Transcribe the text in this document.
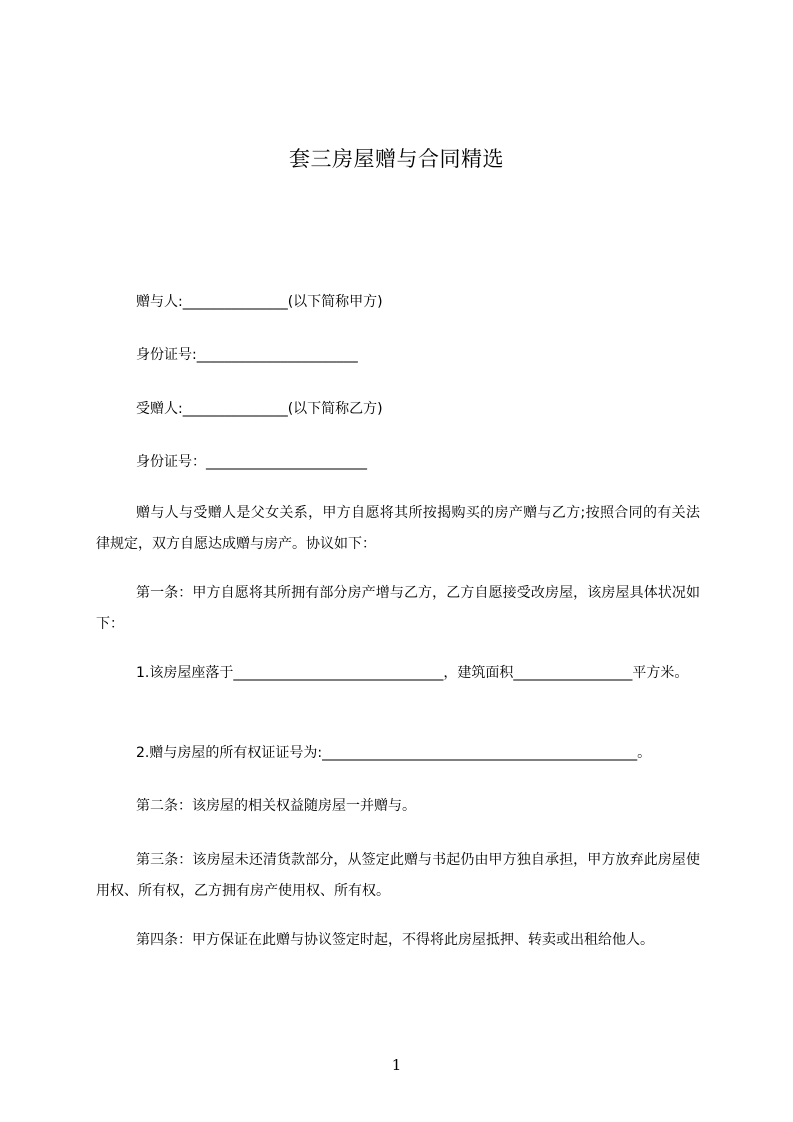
套三房屋赠与合同精选
赠与人:_______________(以下简称甲方)
身份证号:_______________________
受赠人:_______________(以下简称乙方)
身份证号：_______________________
赠与人与受赠人是父女关系，甲方自愿将其所按揭购买的房产赠与乙方;按照合同的有关法律规定，双方自愿达成赠与房产。协议如下：
第一条：甲方自愿将其所拥有部分房产增与乙方，乙方自愿接受改房屋，该房屋具体状况如下：
1.该房屋座落于______________________________，建筑面积_________________平方米。
2.赠与房屋的所有权证证号为:_____________________________________________。
第二条：该房屋的相关权益随房屋一并赠与。
第三条：该房屋未还清货款部分，从签定此赠与书起仍由甲方独自承担，甲方放弃此房屋使用权、所有权，乙方拥有房产使用权、所有权。
第四条：甲方保证在此赠与协议签定时起，不得将此房屋抵押、转卖或出租给他人。
1
